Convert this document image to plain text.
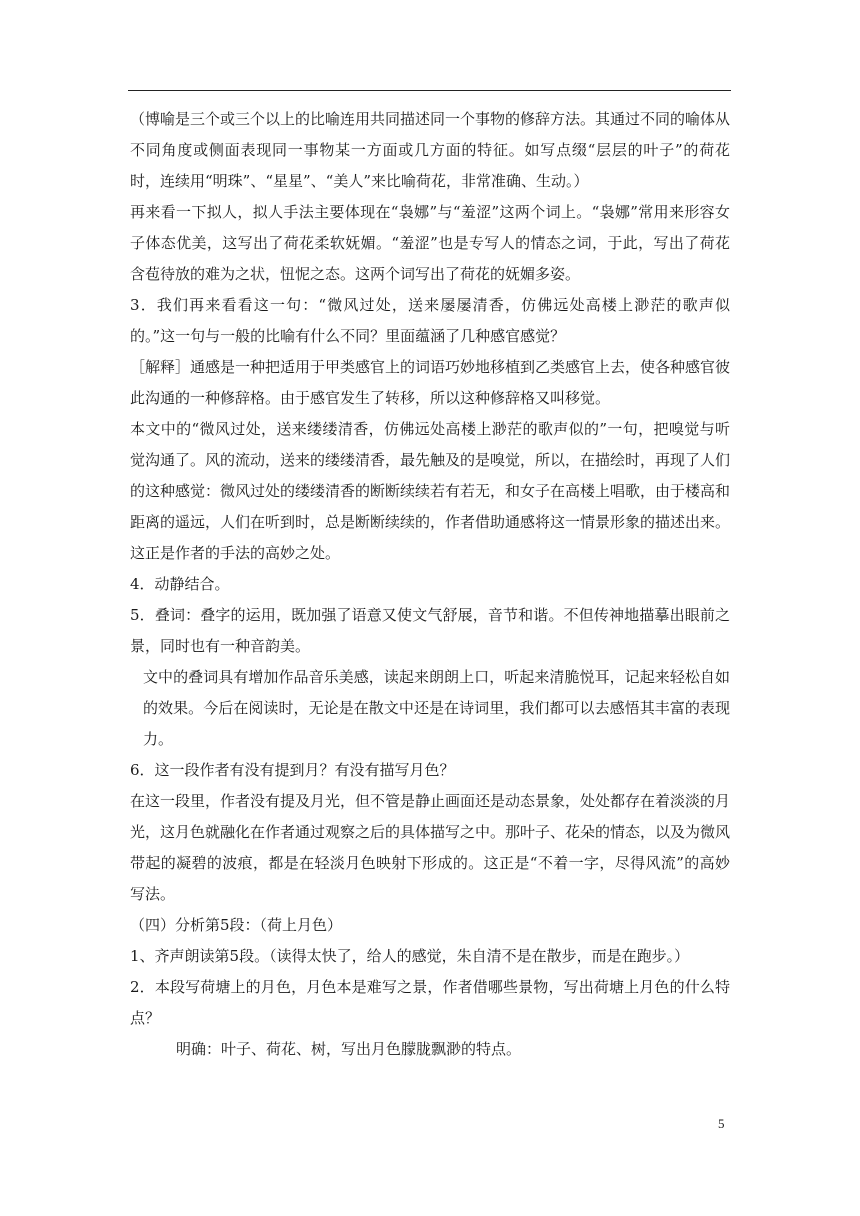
（博喻是三个或三个以上的比喻连用共同描述同一个事物的修辞方法。其通过不同的喻体从不同角度或侧面表现同一事物某一方面或几方面的特征。如写点缀“层层的叶子”的荷花时，连续用“明珠”、“星星”、“美人”来比喻荷花，非常准确、生动。）

再来看一下拟人，拟人手法主要体现在“袅娜”与“羞涩”这两个词上。“袅娜”常用来形容女子体态优美，这写出了荷花柔软妩媚。“羞涩”也是专写人的情态之词，于此，写出了荷花含苞待放的难为之状，忸怩之态。这两个词写出了荷花的妩媚多姿。

3．我们再来看看这一句：“微风过处，送来屡屡清香，仿佛远处高楼上渺茫的歌声似的。”这一句与一般的比喻有什么不同？里面蕴涵了几种感官感觉？

［解释］通感是一种把适用于甲类感官上的词语巧妙地移植到乙类感官上去，使各种感官彼此沟通的一种修辞格。由于感官发生了转移，所以这种修辞格又叫移觉。

本文中的“微风过处，送来缕缕清香，仿佛远处高楼上渺茫的歌声似的”一句，把嗅觉与听觉沟通了。风的流动，送来的缕缕清香，最先触及的是嗅觉，所以，在描绘时，再现了人们的这种感觉：微风过处的缕缕清香的断断续续若有若无，和女子在高楼上唱歌，由于楼高和距离的遥远，人们在听到时，总是断断续续的，作者借助通感将这一情景形象的描述出来。这正是作者的手法的高妙之处。

4．动静结合。

5．叠词：叠字的运用，既加强了语意又使文气舒展，音节和谐。不但传神地描摹出眼前之景，同时也有一种音韵美。

文中的叠词具有增加作品音乐美感，读起来朗朗上口，听起来清脆悦耳，记起来轻松自如的效果。今后在阅读时，无论是在散文中还是在诗词里，我们都可以去感悟其丰富的表现力。

6．这一段作者有没有提到月？有没有描写月色？

在这一段里，作者没有提及月光，但不管是静止画面还是动态景象，处处都存在着淡淡的月光，这月色就融化在作者通过观察之后的具体描写之中。那叶子、花朵的情态，以及为微风带起的凝碧的波痕，都是在轻淡月色映射下形成的。这正是“不着一字，尽得风流”的高妙写法。

（四）分析第5段：（荷上月色）

1、齐声朗读第5段。（读得太快了，给人的感觉，朱自清不是在散步，而是在跑步。）

2．本段写荷塘上的月色，月色本是难写之景，作者借哪些景物，写出荷塘上月色的什么特点？

明确：叶子、荷花、树，写出月色朦胧飘渺的特点。

5
